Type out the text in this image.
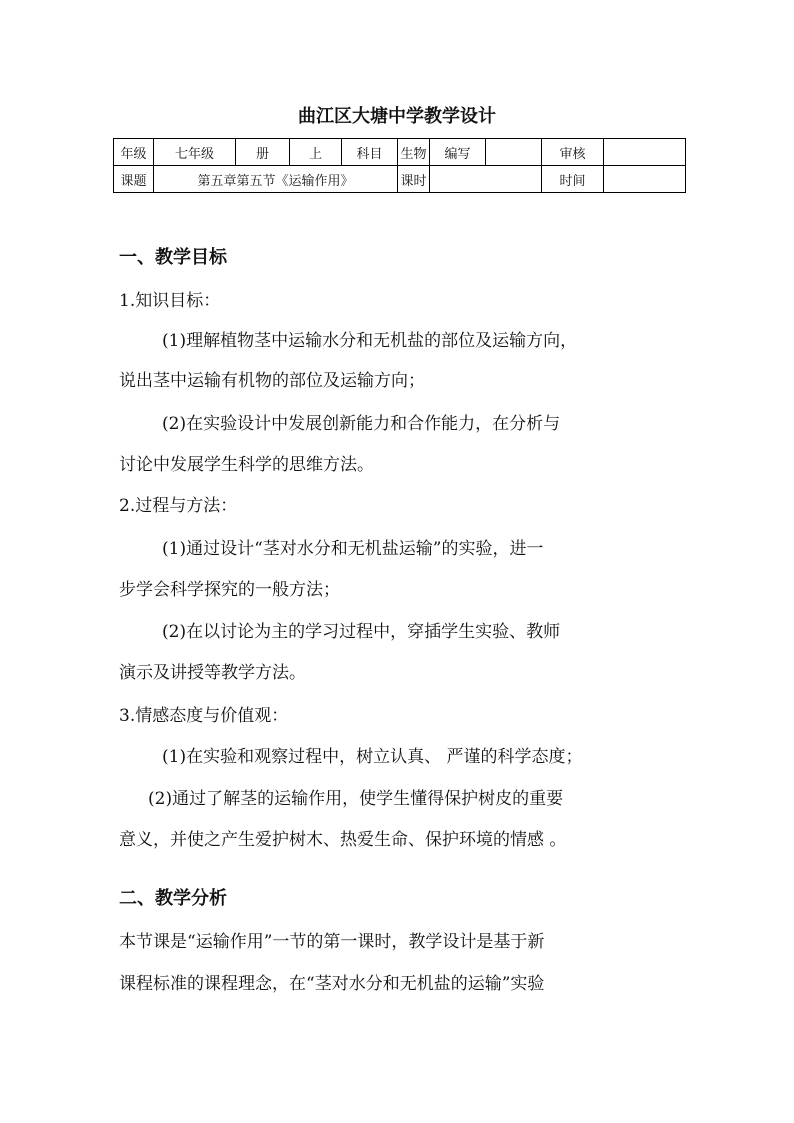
曲江区大塘中学教学设计
年级	七年级	册	上	科目	生物	编写		审核	
课题	第五章第五节《运输作用》				课时			时间	
一、教学目标
1.知识目标：
(1)理解植物茎中运输水分和无机盐的部位及运输方向，
说出茎中运输有机物的部位及运输方向；
(2)在实验设计中发展创新能力和合作能力，在分析与
讨论中发展学生科学的思维方法。
2.过程与方法：
(1)通过设计“茎对水分和无机盐运输”的实验，进一
步学会科学探究的一般方法；
(2)在以讨论为主的学习过程中，穿插学生实验、教师
演示及讲授等教学方法。
3.情感态度与价值观：
(1)在实验和观察过程中，树立认真、 严谨的科学态度；
(2)通过了解茎的运输作用，使学生懂得保护树皮的重要
意义，并使之产生爱护树木、热爱生命、保护环境的情感 。
二、教学分析
本节课是“运输作用”一节的第一课时，教学设计是基于新
课程标准的课程理念，在“茎对水分和无机盐的运输”实验
